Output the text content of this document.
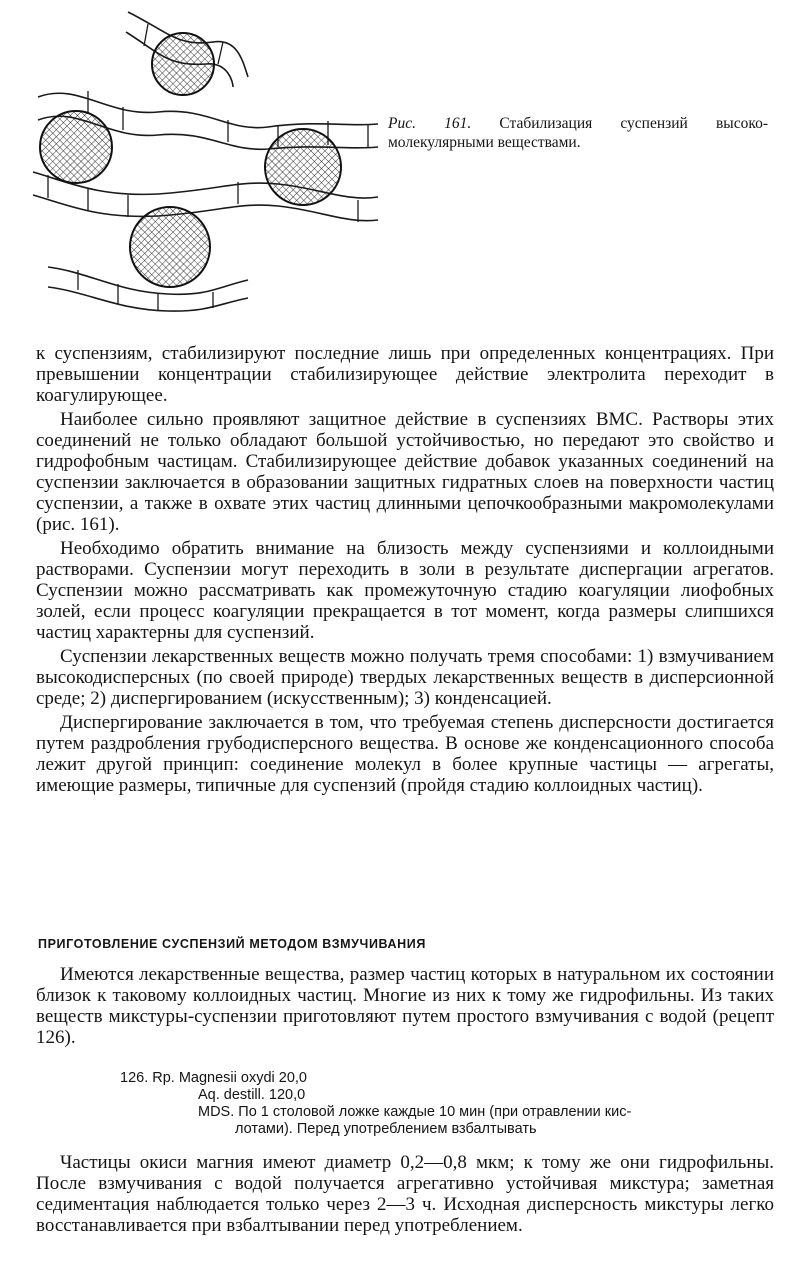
Рис. 161. Стабилизация суспензий высоко-молекулярными веществами.

к суспензиям, стабилизируют последние лишь при определенных концентрациях. При превышении концентрации стабилизирующее действие электролита переходит в коагулирующее.

Наиболее сильно проявляют защитное действие в суспензиях ВМС. Растворы этих соединений не только обладают большой устойчивостью, но передают это свойство и гидрофобным частицам. Стабилизирующее действие добавок указанных соединений на суспензии заключается в образовании защитных гидратных слоев на поверхности частиц суспензии, а также в охвате этих частиц длинными цепочкообразными макромолекулами (рис. 161).

Необходимо обратить внимание на близость между суспензиями и коллоидными растворами. Суспензии могут переходить в золи в результате диспергации агрегатов. Суспензии можно рассматривать как промежуточную стадию коагуляции лиофобных золей, если процесс коагуляции прекращается в тот момент, когда размеры слипшихся частиц характерны для суспензий.

Суспензии лекарственных веществ можно получать тремя способами: 1) взмучиванием высокодисперсных (по своей природе) твердых лекарственных веществ в дисперсионной среде; 2) диспергированием (искусственным); 3) конденсацией.

Диспергирование заключается в том, что требуемая степень дисперсности достигается путем раздробления грубодисперсного вещества. В основе же конденсационного способа лежит другой принцип: соединение молекул в более крупные частицы — агрегаты, имеющие размеры, типичные для суспензий (пройдя стадию коллоидных частиц).

ПРИГОТОВЛЕНИЕ СУСПЕНЗИЙ МЕТОДОМ ВЗМУЧИВАНИЯ

Имеются лекарственные вещества, размер частиц которых в натуральном их состоянии близок к таковому коллоидных частиц. Многие из них к тому же гидрофильны. Из таких веществ микстуры-суспензии приготовляют путем простого взмучивания с водой (рецепт 126).

126. Rp. Magnesii oxydi 20,0
Aq. destill. 120,0
MDS. По 1 столовой ложке каждые 10 мин (при отравлении кис-
лотами). Перед употреблением взбалтывать

Частицы окиси магния имеют диаметр 0,2—0,8 мкм; к тому же они гидрофильны. После взмучивания с водой получается агрегативно устойчивая микстура; заметная седиментация наблюдается только через 2—3 ч. Исходная дисперсность микстуры легко восстанавливается при взбалтывании перед употреблением.
